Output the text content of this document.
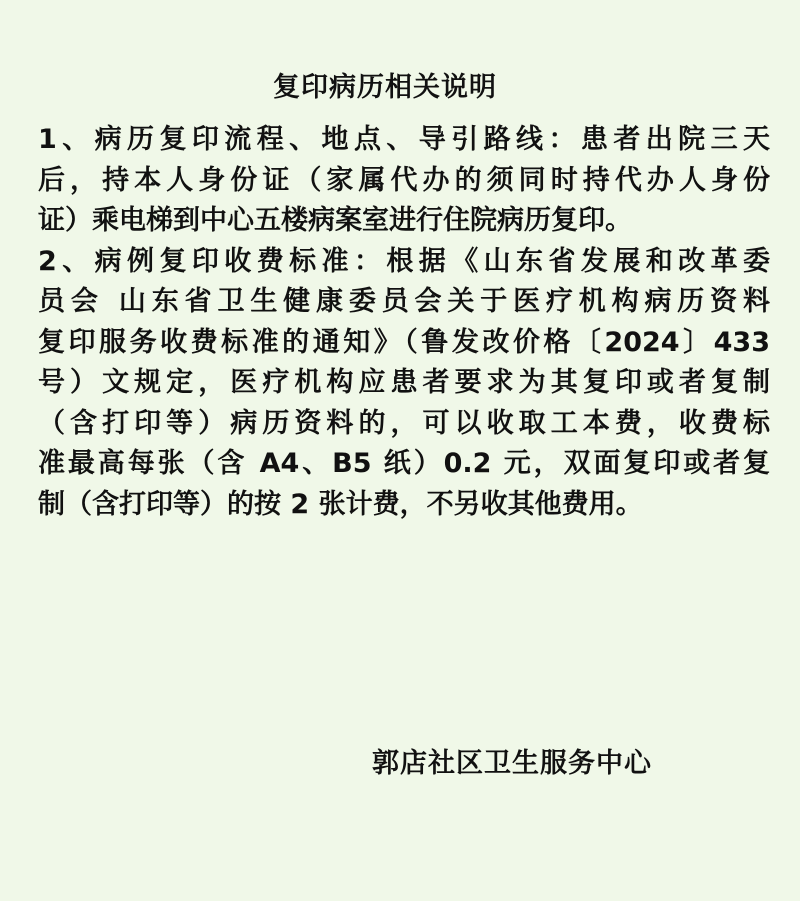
复印病历相关说明
1、病历复印流程、地点、导引路线：患者出院三天
后，持本人身份证（家属代办的须同时持代办人身份
证）乘电梯到中心五楼病案室进行住院病历复印。
2、病例复印收费标准：根据《山东省发展和改革委
员会 山东省卫生健康委员会关于医疗机构病历资料
复印服务收费标准的通知》（鲁发改价格〔2024〕433
号）文规定，医疗机构应患者要求为其复印或者复制
（含打印等）病历资料的，可以收取工本费，收费标
准最高每张（含 A4、B5 纸）0.2 元，双面复印或者复
制（含打印等）的按 2 张计费，不另收其他费用。
郭店社区卫生服务中心
